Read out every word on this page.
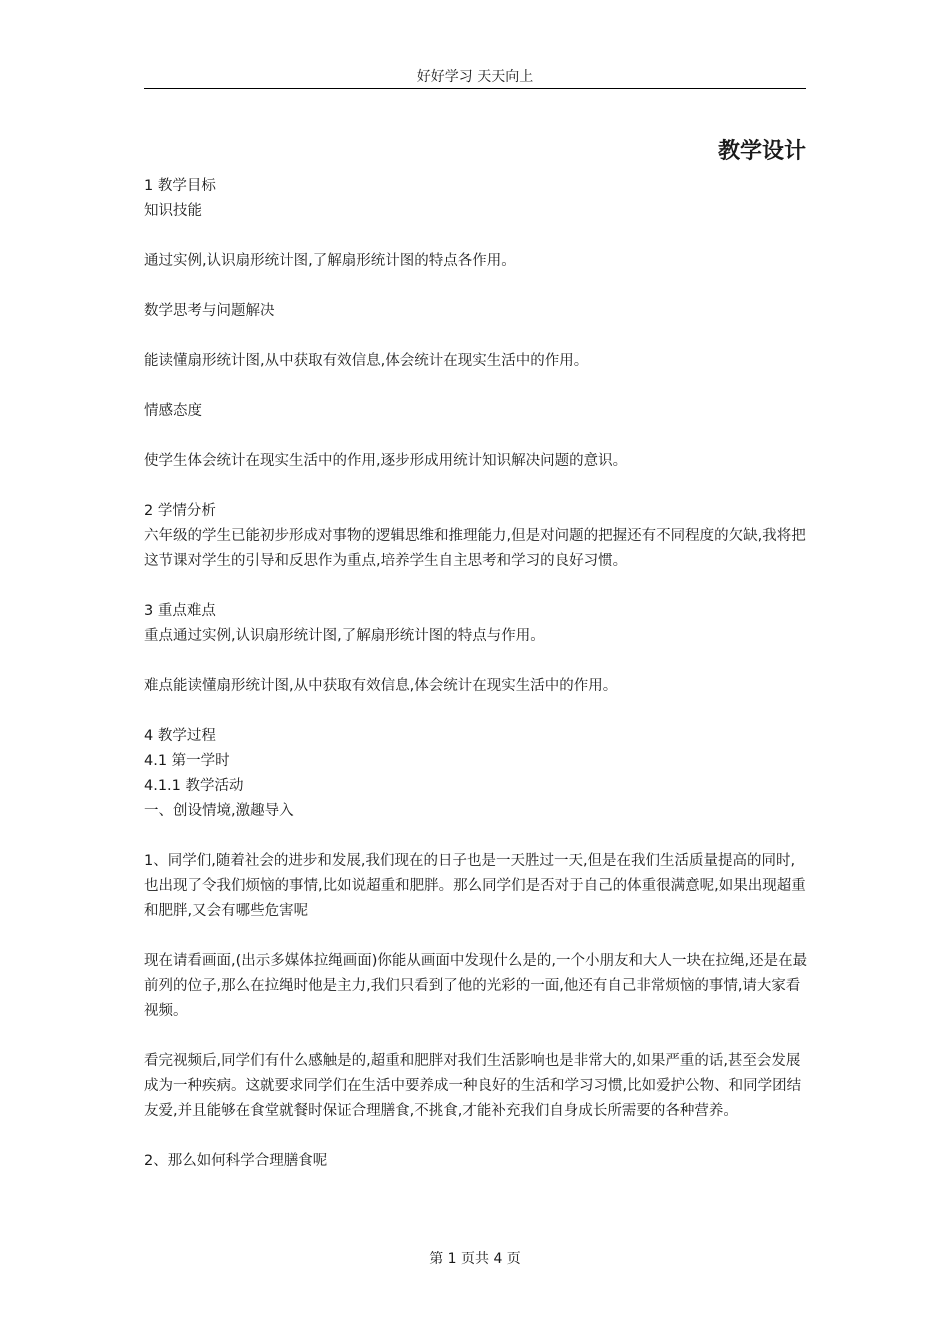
好好学习 天天向上
教学设计

1 教学目标

知识技能

通过实例,认识扇形统计图,了解扇形统计图的特点各作用。

数学思考与问题解决

能读懂扇形统计图,从中获取有效信息,体会统计在现实生活中的作用。

情感态度

使学生体会统计在现实生活中的作用,逐步形成用统计知识解决问题的意识。

2 学情分析

六年级的学生已能初步形成对事物的逻辑思维和推理能力,但是对问题的把握还有不同程度的欠缺,我将把这节课对学生的引导和反思作为重点,培养学生自主思考和学习的良好习惯。

3 重点难点

重点通过实例,认识扇形统计图,了解扇形统计图的特点与作用。

难点能读懂扇形统计图,从中获取有效信息,体会统计在现实生活中的作用。

4 教学过程

4.1 第一学时

4.1.1 教学活动

一、创设情境,激趣导入

1、同学们,随着社会的进步和发展,我们现在的日子也是一天胜过一天,但是在我们生活质量提高的同时,也出现了令我们烦恼的事情,比如说超重和肥胖。那么同学们是否对于自己的体重很满意呢,如果出现超重和肥胖,又会有哪些危害呢

现在请看画面,(出示多媒体拉绳画面)你能从画面中发现什么是的,一个小朋友和大人一块在拉绳,还是在最前列的位子,那么在拉绳时他是主力,我们只看到了他的光彩的一面,他还有自己非常烦恼的事情,请大家看视频。

看完视频后,同学们有什么感触是的,超重和肥胖对我们生活影响也是非常大的,如果严重的话,甚至会发展成为一种疾病。这就要求同学们在生活中要养成一种良好的生活和学习习惯,比如爱护公物、和同学团结友爱,并且能够在食堂就餐时保证合理膳食,不挑食,才能补充我们自身成长所需要的各种营养。

2、那么如何科学合理膳食呢

第 1 页共 4 页
